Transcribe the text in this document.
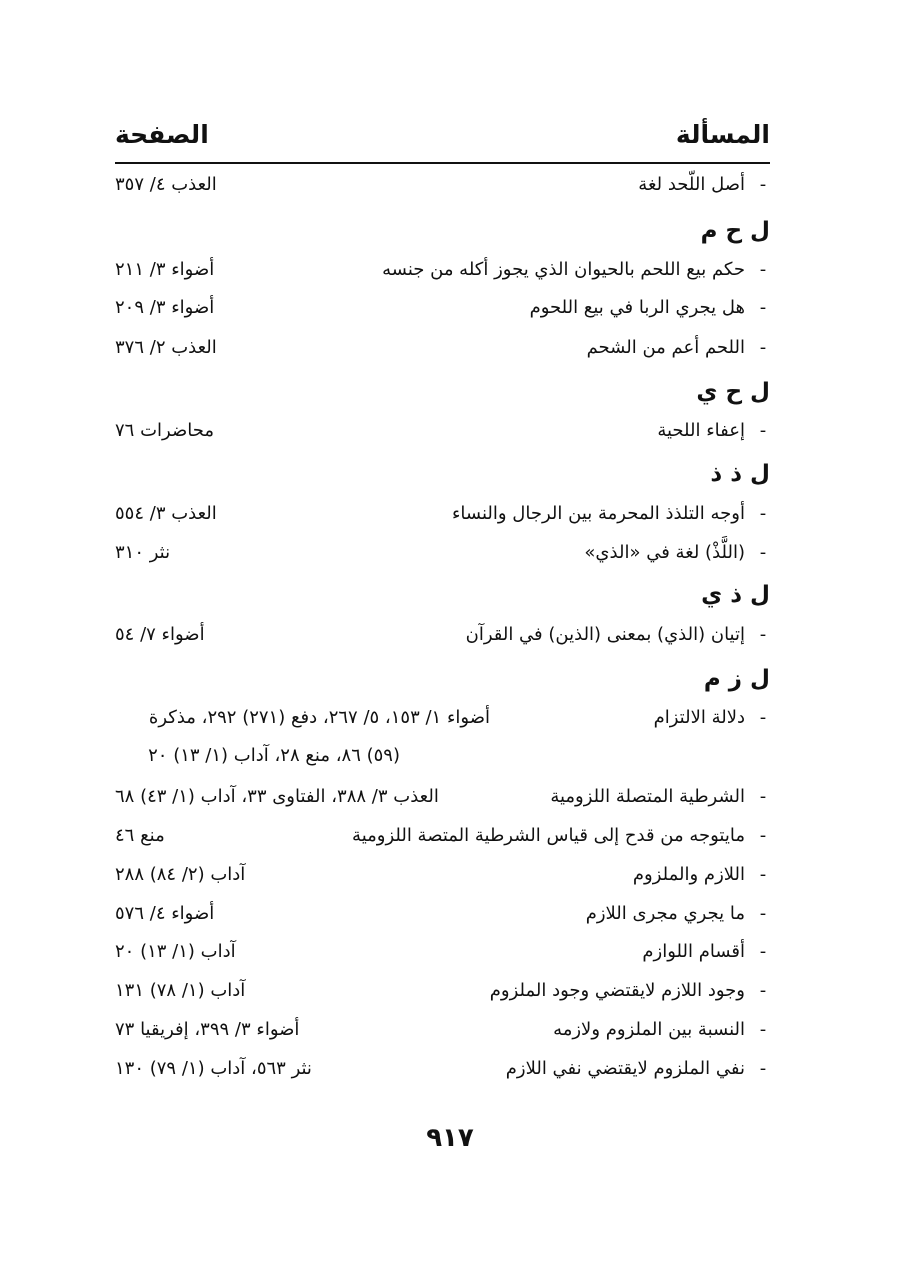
المسألة
الصفحة
-
أصل اللّحد لغة
العذب ٤/ ٣٥٧
ل ح م
-
حكم بيع اللحم بالحيوان الذي يجوز أكله من جنسه
أضواء ٣/ ٢١١
-
هل يجري الربا في بيع اللحوم
أضواء ٣/ ٢٠٩
-
اللحم أعم من الشحم
العذب ٢/ ٣٧٦
ل ح ي
-
إعفاء اللحية
محاضرات ٧٦
ل ذ ذ
-
أوجه التلذذ المحرمة بين الرجال والنساء
العذب ٣/ ٥٥٤
-
(اللَّذْ) لغة في «الذي»
نثر ٣١٠
ل ذ ي
-
إتيان (الذي) بمعنى (الذين) في القرآن
أضواء ٧/ ٥٤
ل ز م
-
دلالة الالتزام
أضواء ١/ ١٥٣، ٥/ ٢٦٧، دفع (٢٧١) ٢٩٢، مذكرة
(٥٩) ٨٦، منع ٢٨، آداب (١/ ١٣) ٢٠
-
الشرطية المتصلة اللزومية
العذب ٣/ ٣٨٨، الفتاوى ٣٣، آداب (١/ ٤٣) ٦٨
-
مايتوجه من قدح إلى قياس الشرطية المتصة اللزومية
منع ٤٦
-
اللازم والملزوم
آداب (٢/ ٨٤) ٢٨٨
-
ما يجري مجرى اللازم
أضواء ٤/ ٥٧٦
-
أقسام اللوازم
آداب (١/ ١٣) ٢٠
-
وجود اللازم لايقتضي وجود الملزوم
آداب (١/ ٧٨) ١٣١
-
النسبة بين الملزوم ولازمه
أضواء ٣/ ٣٩٩، إفريقيا ٧٣
-
نفي الملزوم لايقتضي نفي اللازم
نثر ٥٦٣، آداب (١/ ٧٩) ١٣٠
٩١٧
